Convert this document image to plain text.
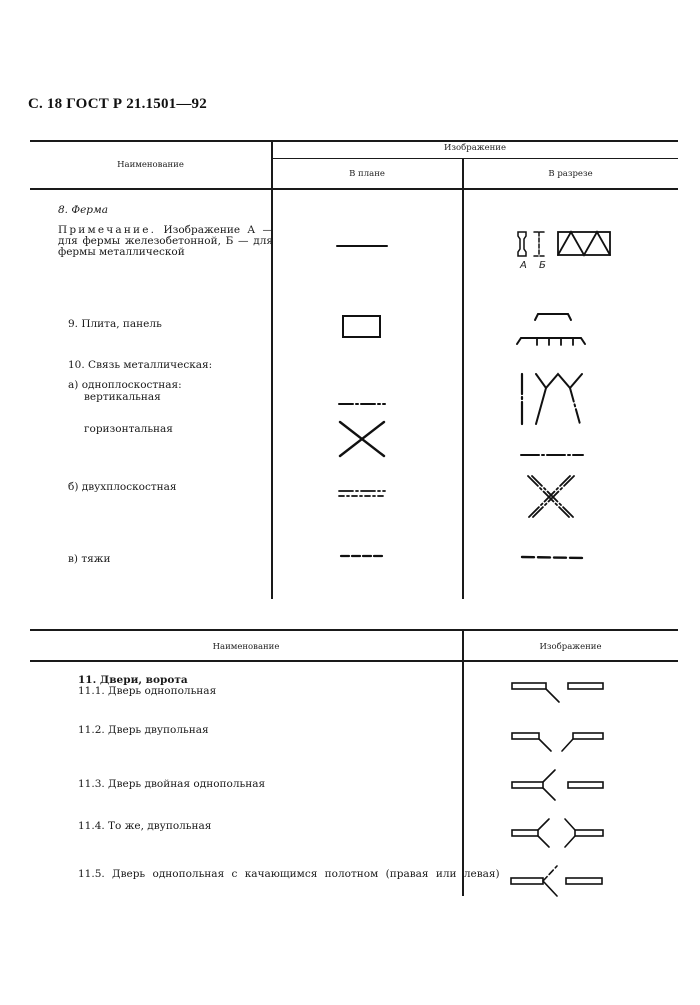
С. 18 ГОСТ Р 21.1501—92
Наименование
Изображение
В плане	В разрезе
8. Ферма
Примечание. Изображение А — для фермы железобетонной, Б — для фермы металлической
А Б
9. Плита, панель
10. Связь металлическая:
а) одноплоскостная:
вертикальная
горизонтальная
б) двухплоскостная
в) тяжи
Наименование	Изображение
11. Двери, ворота
11.1. Дверь однопольная
11.2. Дверь двупольная
11.3. Дверь двойная однопольная
11.4. То же, двупольная
11.5. Дверь однопольная с качающимся полотном (правая или левая)
